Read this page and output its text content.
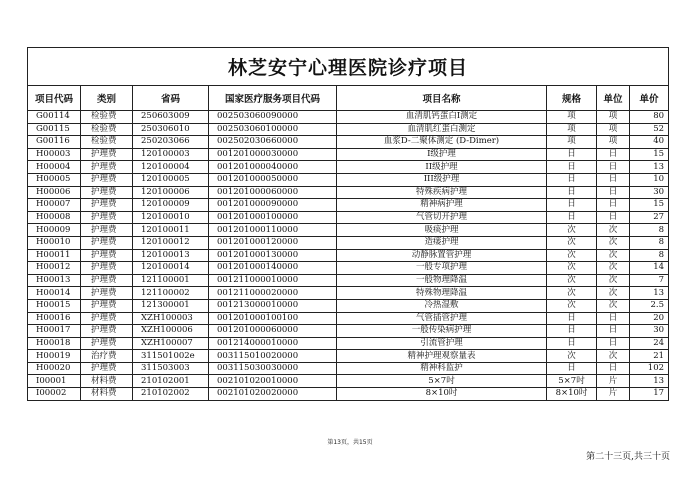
林芝安宁心理医院诊疗项目							
项目代码	类别	省码	国家医疗服务项目代码	项目名称	规格	单位	单价
G00114	检验费	250603009	002503060090000	血清肌钙蛋白I测定	项	项	80
G00115	检验费	250306010	002503060100000	血清肌红蛋白测定	项	项	52
G00116	检验费	250203066	002502030660000	血浆D-二聚体测定 (D-Dimer)	项	项	40
H00003	护理费	120100003	001201000030000	I级护理	日	日	15
H00004	护理费	120100004	001201000040000	II级护理	日	日	13
H00005	护理费	120100005	001201000050000	III级护理	日	日	10
H00006	护理费	120100006	001201000060000	特殊疾病护理	日	日	30
H00007	护理费	120100009	001201000090000	精神病护理	日	日	15
H00008	护理费	120100010	001201000100000	气管切开护理	日	日	27
H00009	护理费	120100011	001201000110000	吸痰护理	次	次	8
H00010	护理费	120100012	001201000120000	造瘘护理	次	次	8
H00011	护理费	120100013	001201000130000	动静脉置管护理	次	次	8
H00012	护理费	120100014	001201000140000	一般专项护理	次	次	14
H00013	护理费	121100001	001211000010000	一般物理降温	次	次	7
H00014	护理费	121100002	001211000020000	特殊物理降温	次	次	13
H00015	护理费	121300001	001213000010000	冷热湿敷	次	次	2.5
H00016	护理费	XZH100003	001201000100100	气管插管护理	日	日	20
H00017	护理费	XZH100006	001201000060000	一般传染病护理	日	日	30
H00018	护理费	XZH100007	001214000010000	引流管护理	日	日	24
H00019	治疗费	311501002e	003115010020000	精神护理观察量表	次	次	21
H00020	护理费	311503003	003115030030000	精神科监护	日	日	102
I00001	材料费	210102001	002101020010000	5×7吋	5×7吋	片	13
I00002	材料费	210102002	002101020020000	8×10吋	8×10吋	片	17
第13页，共15页
第二十三页,共三十页
